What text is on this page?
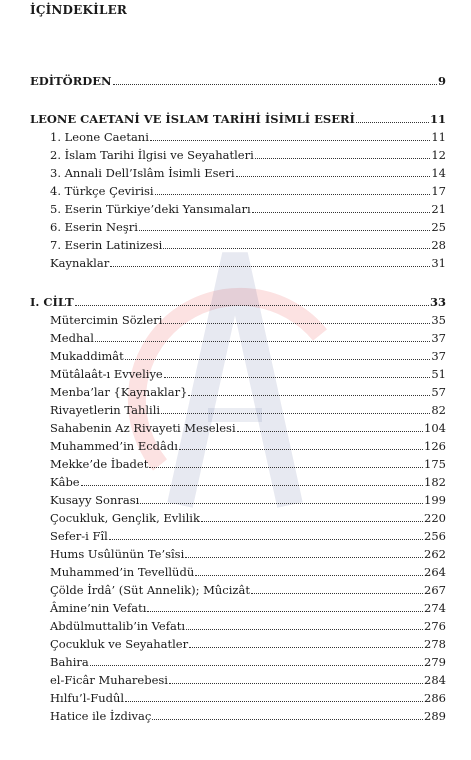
İÇİNDEKİLER
EDİTÖRDEN	9
LEONE CAETANİ VE İSLAM TARİHİ İSİMLİ ESERİ	11
1. Leone Caetani	11
2. İslam Tarihi İlgisi ve Seyahatleri	12
3. Annali Dell’Islâm İsimli Eseri	14
4. Türkçe Çevirisi	17
5. Eserin Türkiye’deki Yansımaları	21
6. Eserin Neşri	25
7. Eserin Latinizesi	28
Kaynaklar	31
I. CİLT	33
Mütercimin Sözleri	35
Medhal	37
Mukaddimât	37
Mütâlaât-ı Evveliye	51
Menba’lar {Kaynaklar}	57
Rivayetlerin Tahlili	82
Sahabenin Az Rivayeti Meselesi	104
Muhammed’in Ecdâdı	126
Mekke’de İbadet	175
Kâbe	182
Kusayy Sonrası	199
Çocukluk, Gençlik, Evlilik	220
Sefer-i Fîl	256
Hums Usûlünün Te’sîsi	262
Muhammed’in Tevellüdü	264
Çölde İrdâ’ (Süt Annelik); Mûcizât	267
Âmine’nin Vefatı	274
Abdülmuttalib’in Vefatı	276
Çocukluk ve Seyahatler	278
Bahira	279
el-Ficâr Muharebesi	284
Hılfu’l-Fudûl	286
Hatice ile İzdivaç	289
